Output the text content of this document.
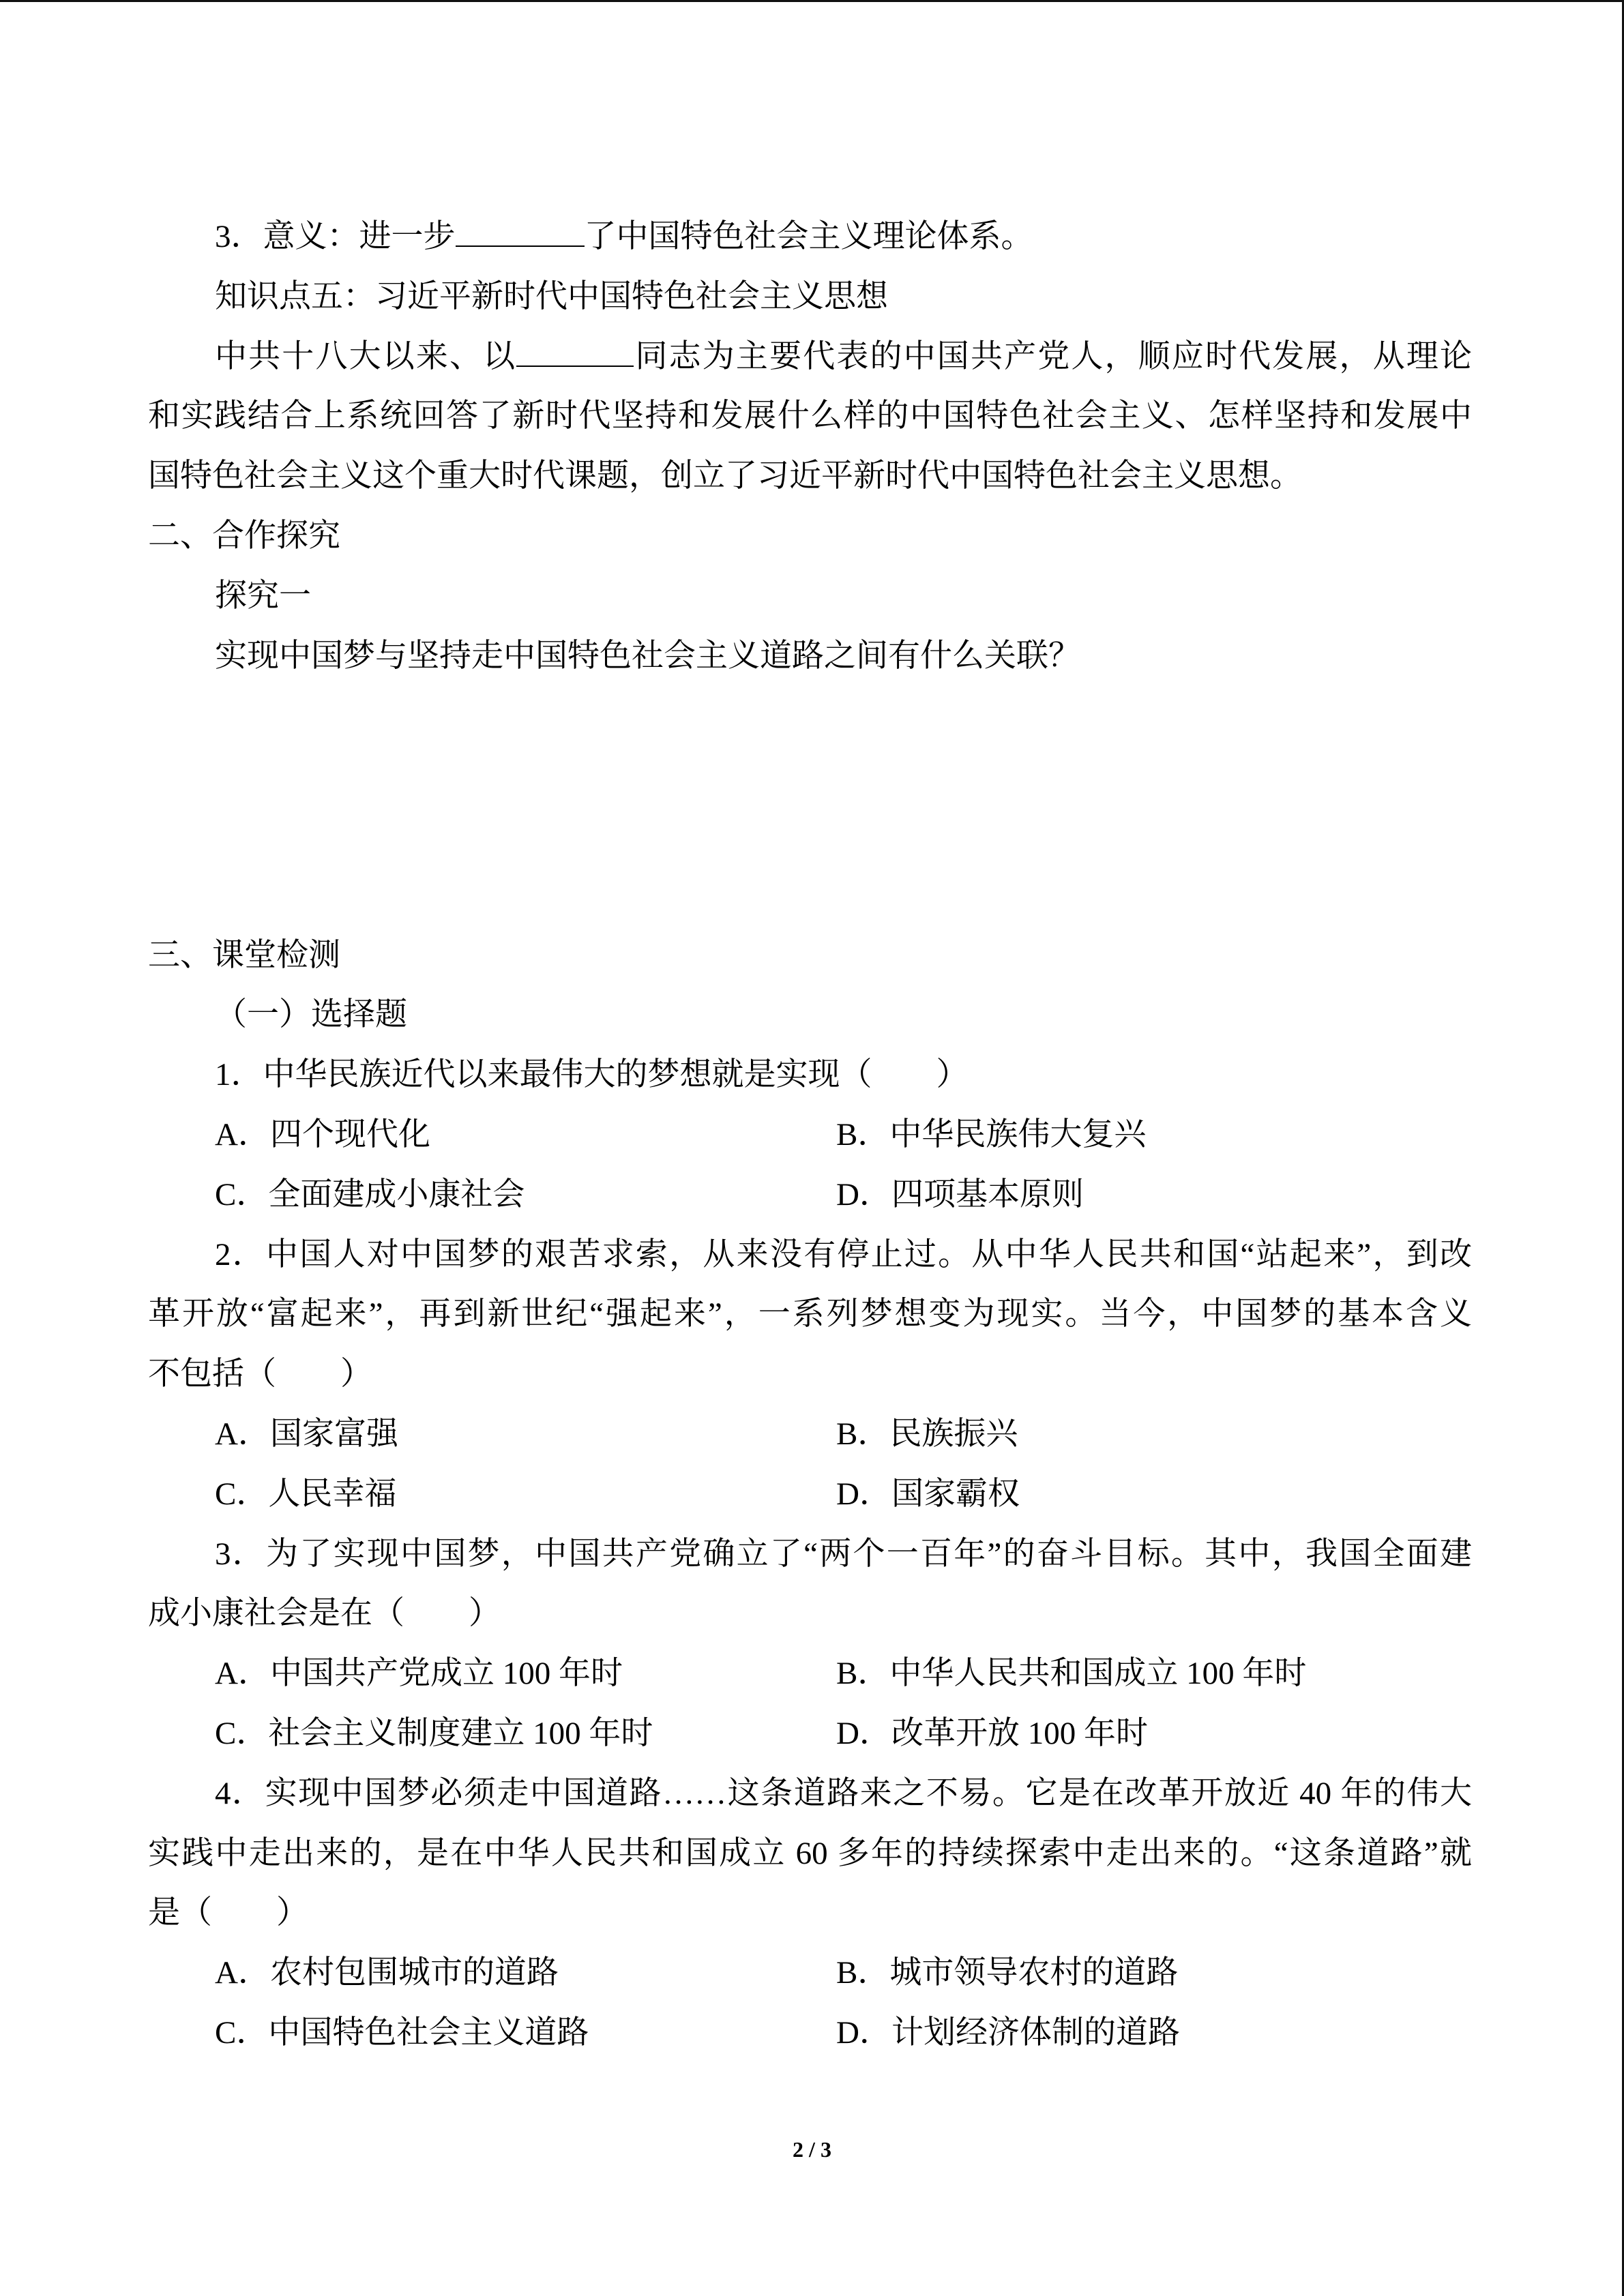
3．意义：进一步	了中国特色社会主义理论体系。
知识点五：习近平新时代中国特色社会主义思想
中共十八大以来、以	同志为主要代表的中国共产党人，顺应时代发展，从理论
和实践结合上系统回答了新时代坚持和发展什么样的中国特色社会主义、怎样坚持和发展中
国特色社会主义这个重大时代课题，创立了习近平新时代中国特色社会主义思想。
二、合作探究
探究一
实现中国梦与坚持走中国特色社会主义道路之间有什么关联？
三、课堂检测
（一）选择题
1．中华民族近代以来最伟大的梦想就是实现（　　）
A．四个现代化	B．中华民族伟大复兴
C．全面建成小康社会	D．四项基本原则
2．中国人对中国梦的艰苦求索，从来没有停止过。从中华人民共和国“站起来”，到改
革开放“富起来”，再到新世纪“强起来”，一系列梦想变为现实。当今，中国梦的基本含义
不包括（　　）
A．国家富强	B．民族振兴
C．人民幸福	D．国家霸权
3．为了实现中国梦，中国共产党确立了“两个一百年”的奋斗目标。其中，我国全面建
成小康社会是在（　　）
A．中国共产党成立 100 年时	B．中华人民共和国成立 100 年时
C．社会主义制度建立 100 年时	D．改革开放 100 年时
4．实现中国梦必须走中国道路……这条道路来之不易。它是在改革开放近 40 年的伟大
实践中走出来的，是在中华人民共和国成立 60 多年的持续探索中走出来的。“这条道路”就
是（　　）
A．农村包围城市的道路	B．城市领导农村的道路
C．中国特色社会主义道路	D．计划经济体制的道路
2 / 3
